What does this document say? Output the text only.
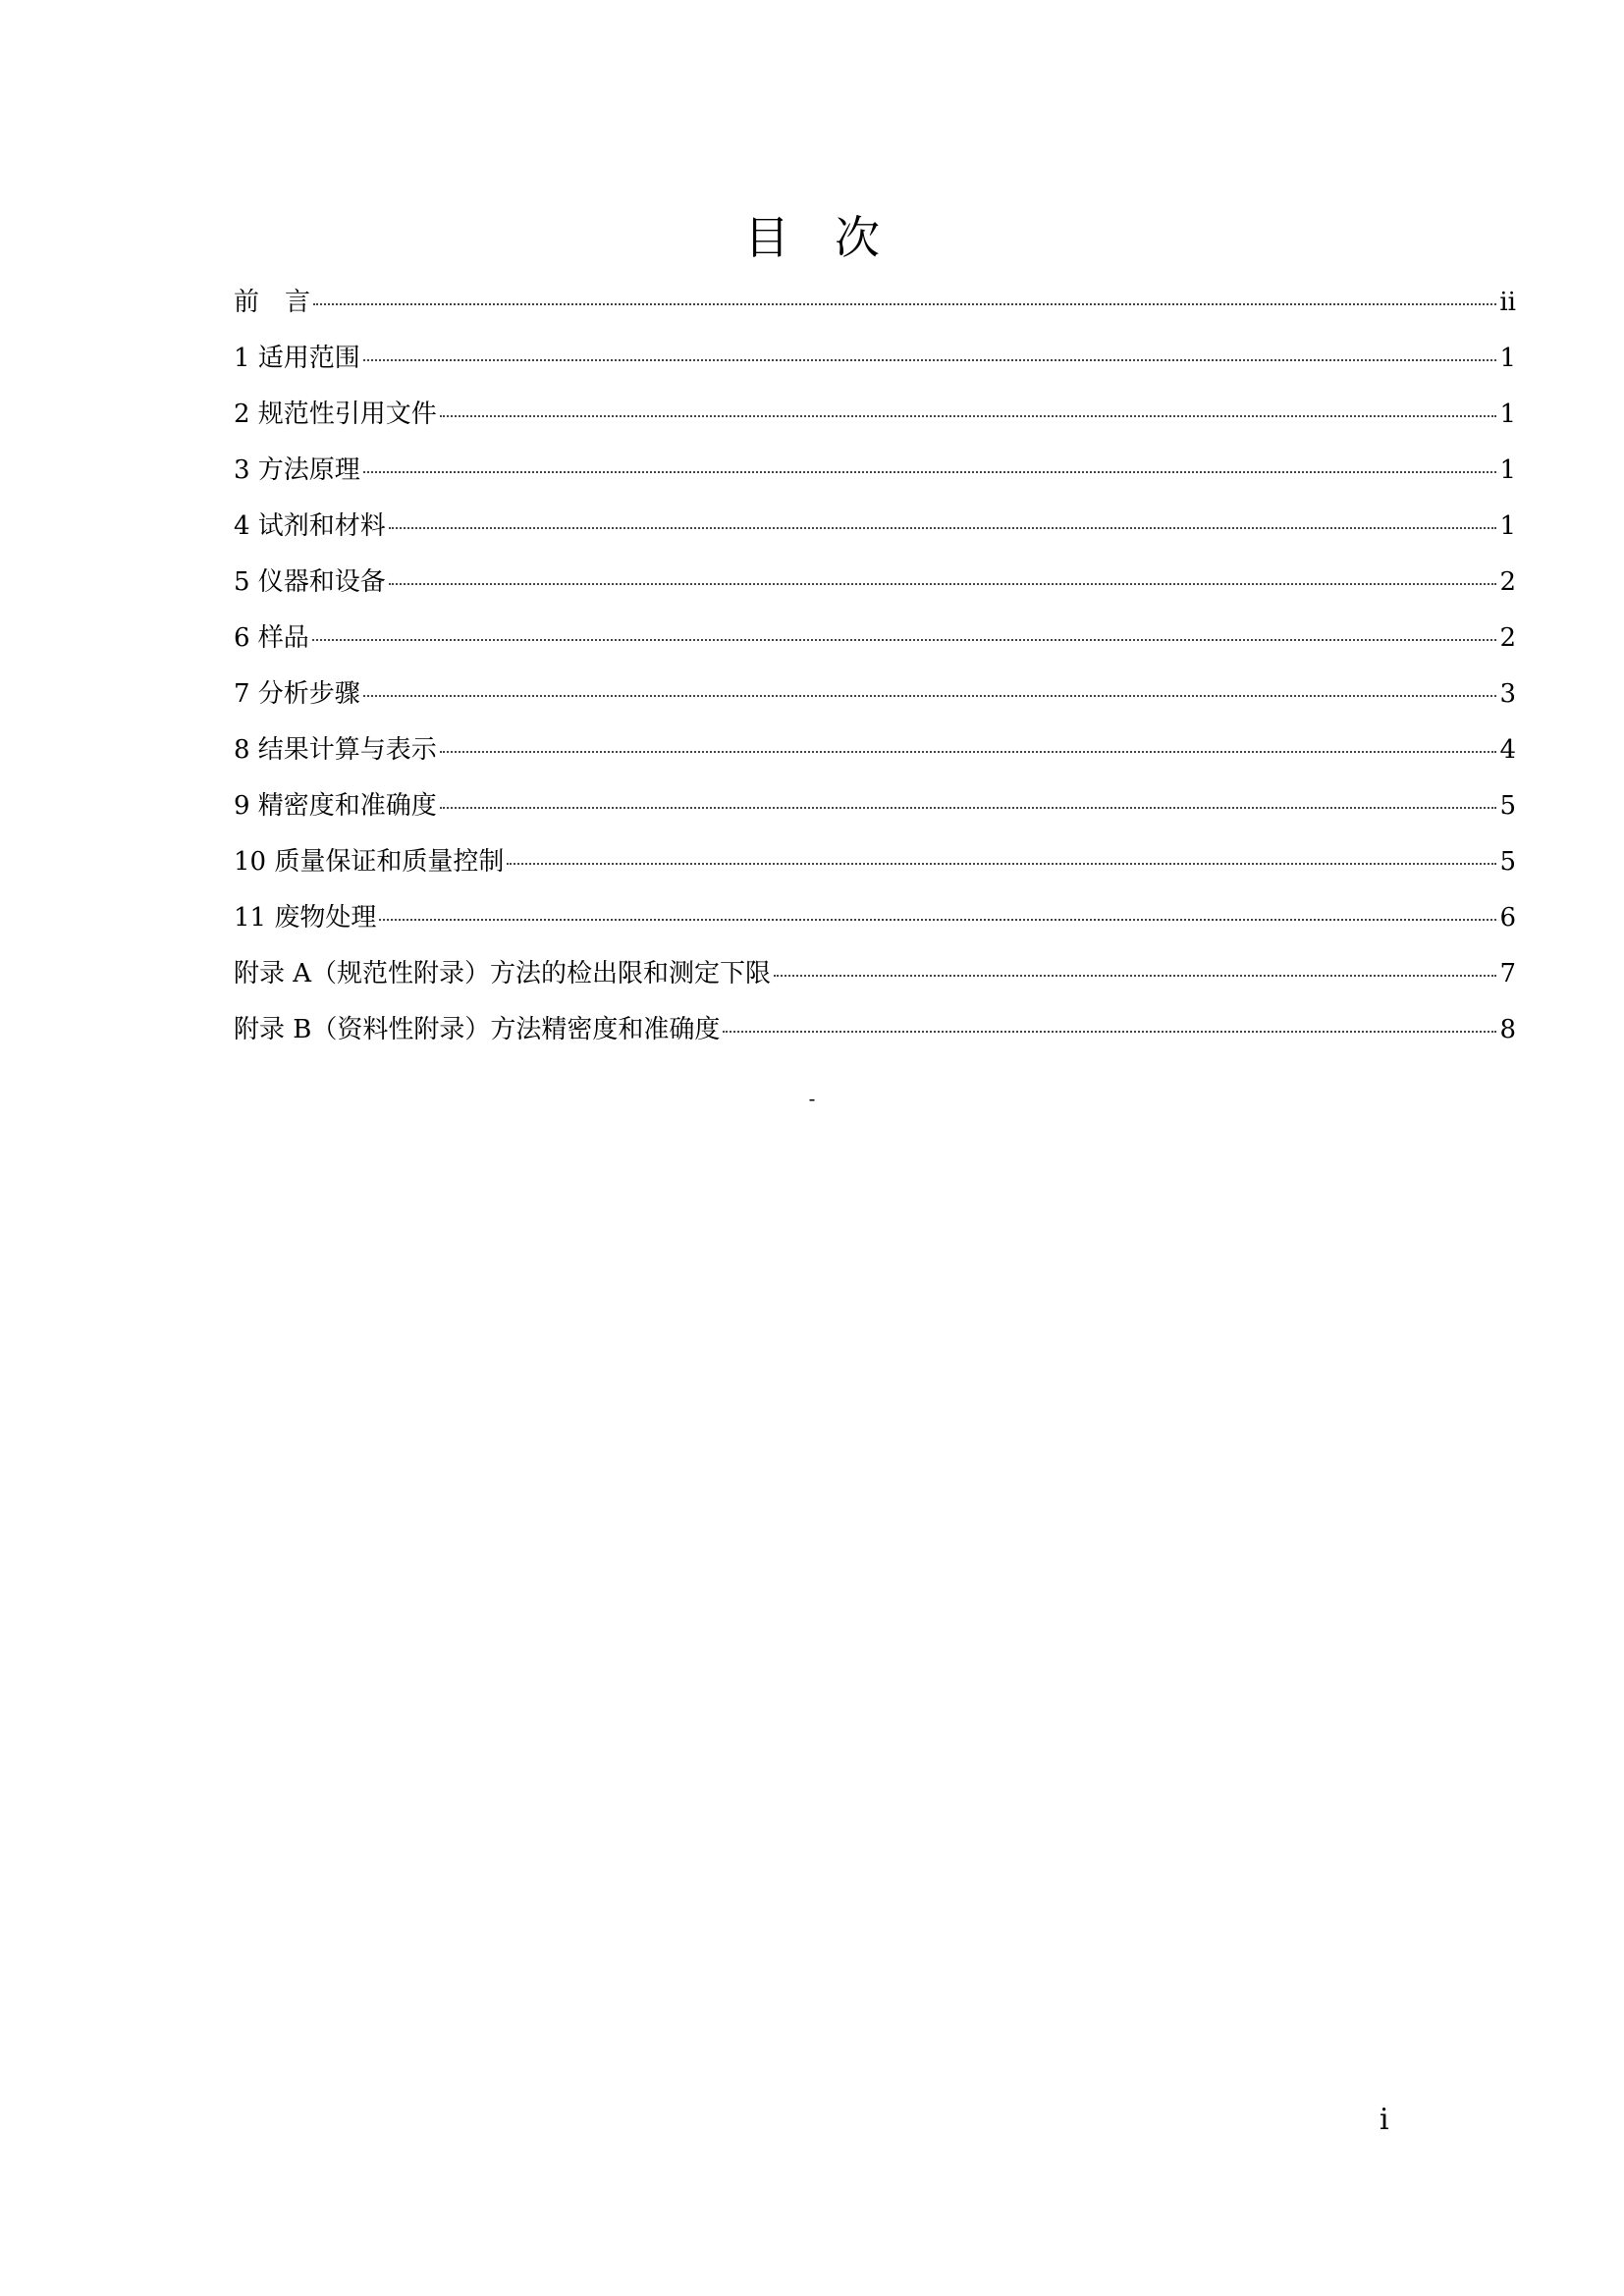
目　次
前　言	ii
1 适用范围	1
2 规范性引用文件	1
3 方法原理	1
4 试剂和材料	1
5 仪器和设备	2
6 样品	2
7 分析步骤	3
8 结果计算与表示	4
9 精密度和准确度	5
10 质量保证和质量控制	5
11 废物处理	6
附录 A（规范性附录）方法的检出限和测定下限	7
附录 B（资料性附录）方法精密度和准确度	8
-
i
